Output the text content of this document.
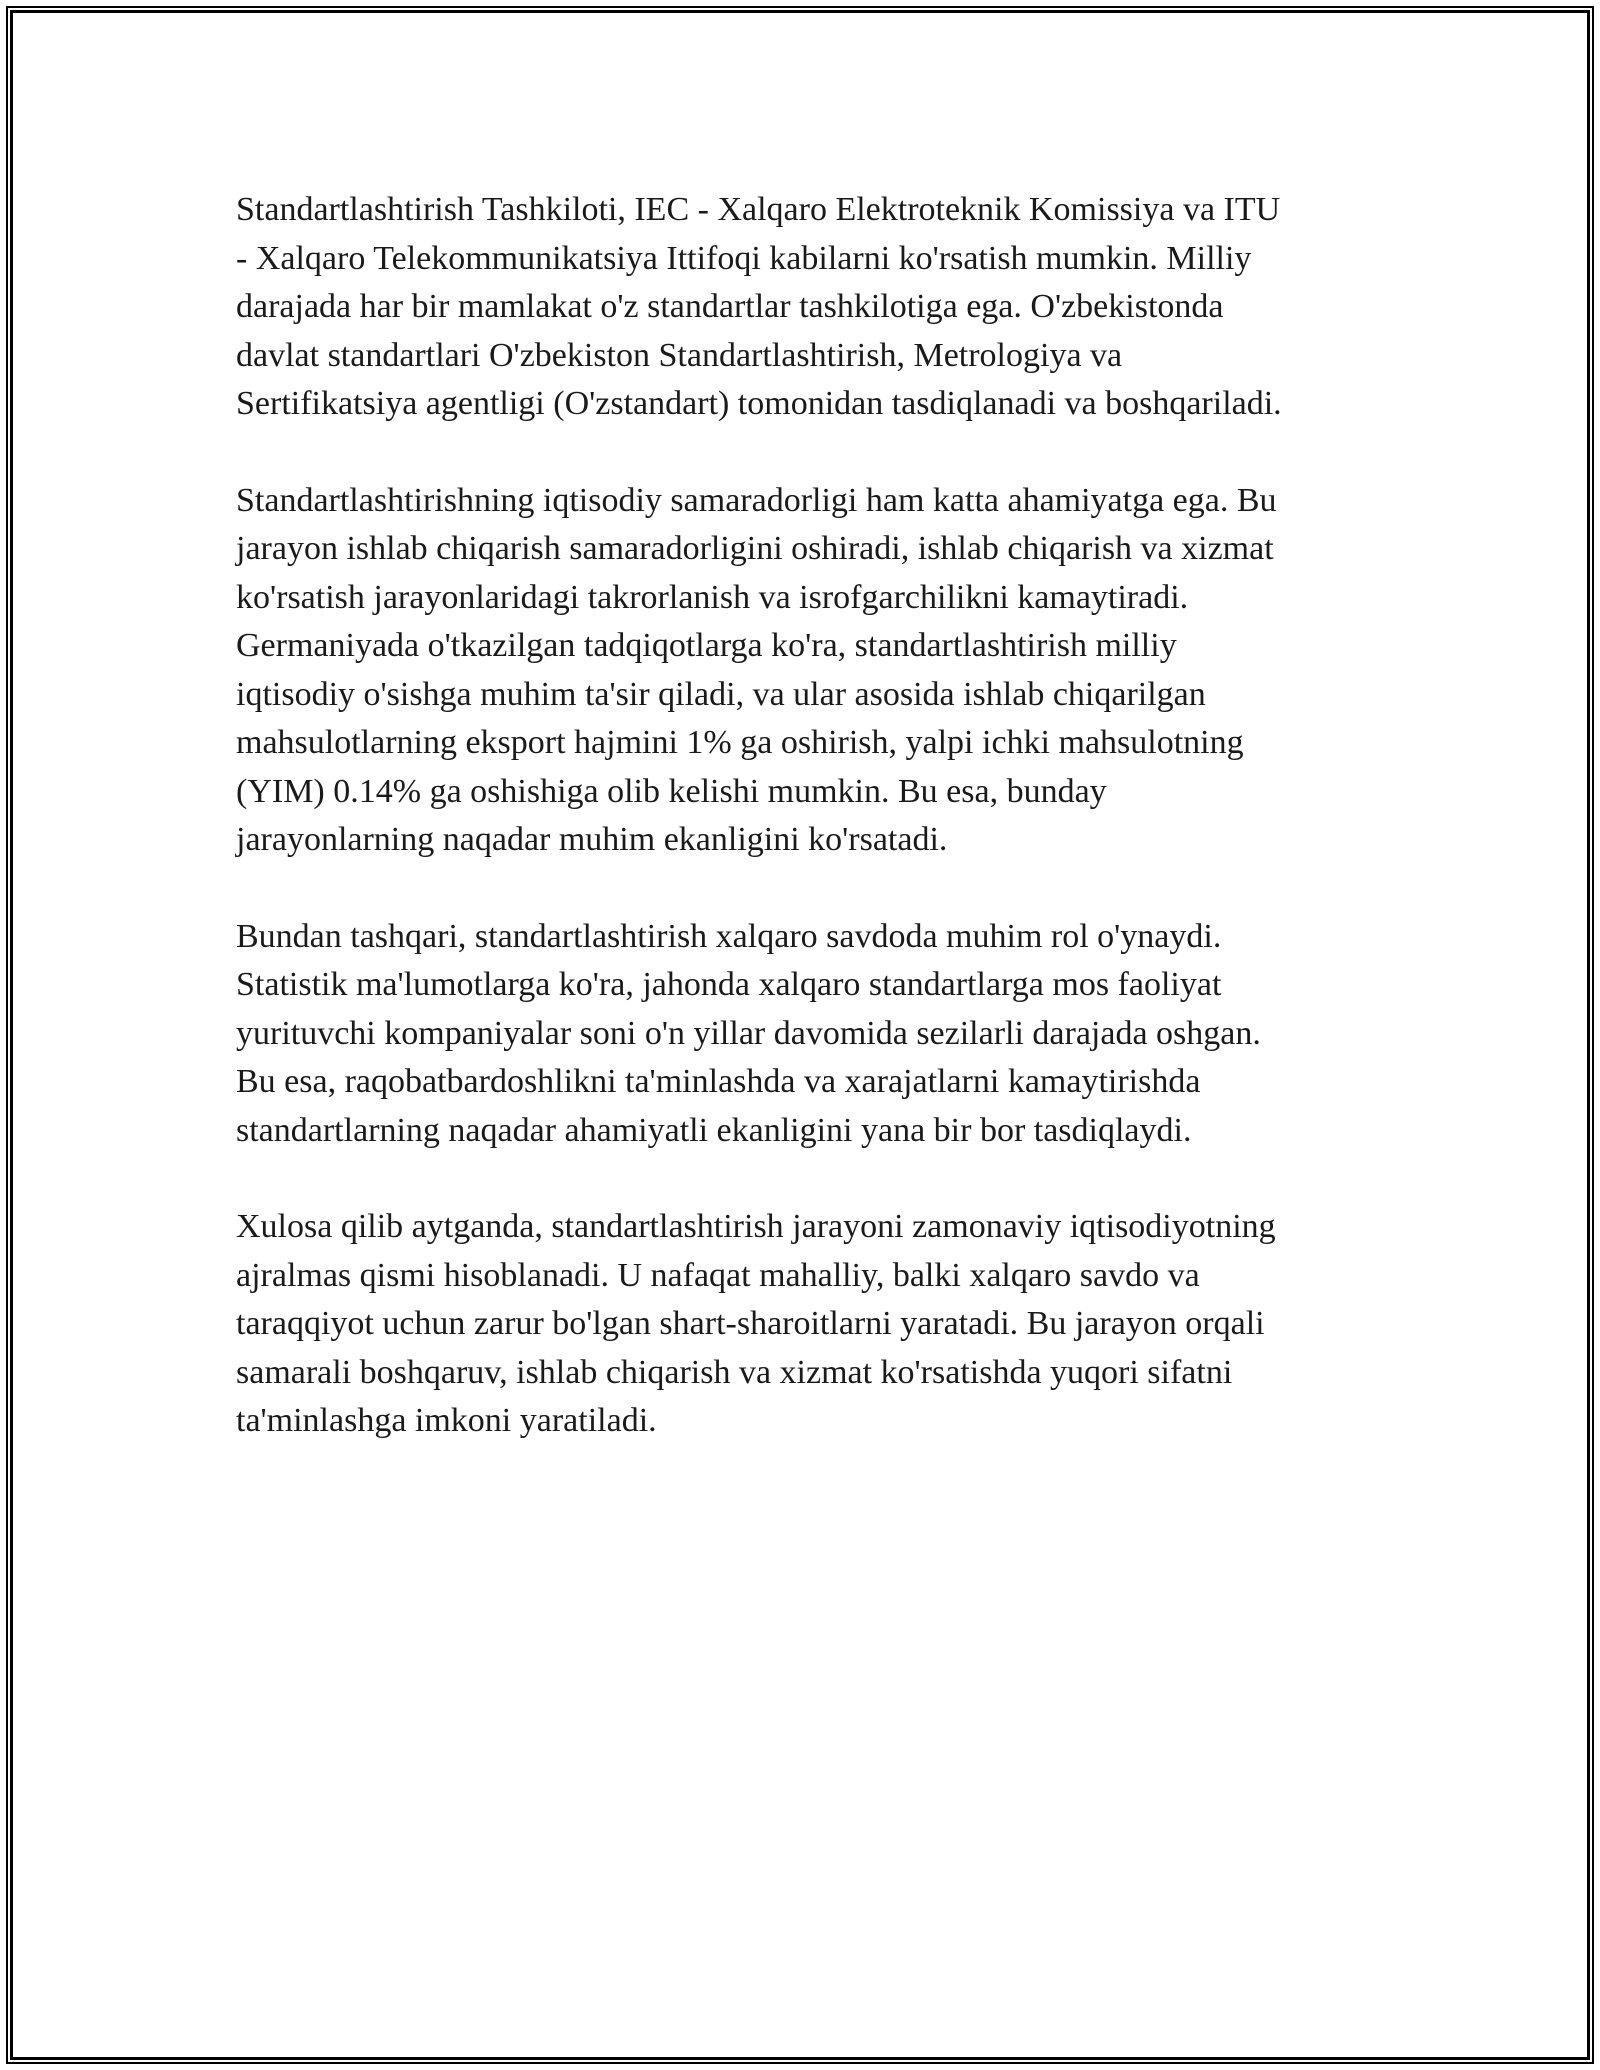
Standartlashtirish Tashkiloti, IEC - Xalqaro Elektroteknik Komissiya va ITU
- Xalqaro Telekommunikatsiya Ittifoqi kabilarni ko'rsatish mumkin. Milliy
darajada har bir mamlakat o'z standartlar tashkilotiga ega. O'zbekistonda
davlat standartlari O'zbekiston Standartlashtirish, Metrologiya va
Sertifikatsiya agentligi (O'zstandart) tomonidan tasdiqlanadi va boshqariladi.

Standartlashtirishning iqtisodiy samaradorligi ham katta ahamiyatga ega. Bu
jarayon ishlab chiqarish samaradorligini oshiradi, ishlab chiqarish va xizmat
ko'rsatish jarayonlaridagi takrorlanish va isrofgarchilikni kamaytiradi.
Germaniyada o'tkazilgan tadqiqotlarga ko'ra, standartlashtirish milliy
iqtisodiy o'sishga muhim ta'sir qiladi, va ular asosida ishlab chiqarilgan
mahsulotlarning eksport hajmini 1% ga oshirish, yalpi ichki mahsulotning
(YIM) 0.14% ga oshishiga olib kelishi mumkin. Bu esa, bunday
jarayonlarning naqadar muhim ekanligini ko'rsatadi.

Bundan tashqari, standartlashtirish xalqaro savdoda muhim rol o'ynaydi.
Statistik ma'lumotlarga ko'ra, jahonda xalqaro standartlarga mos faoliyat
yurituvchi kompaniyalar soni o'n yillar davomida sezilarli darajada oshgan.
Bu esa, raqobatbardoshlikni ta'minlashda va xarajatlarni kamaytirishda
standartlarning naqadar ahamiyatli ekanligini yana bir bor tasdiqlaydi.

Xulosa qilib aytganda, standartlashtirish jarayoni zamonaviy iqtisodiyotning
ajralmas qismi hisoblanadi. U nafaqat mahalliy, balki xalqaro savdo va
taraqqiyot uchun zarur bo'lgan shart-sharoitlarni yaratadi. Bu jarayon orqali
samarali boshqaruv, ishlab chiqarish va xizmat ko'rsatishda yuqori sifatni
ta'minlashga imkoni yaratiladi.
